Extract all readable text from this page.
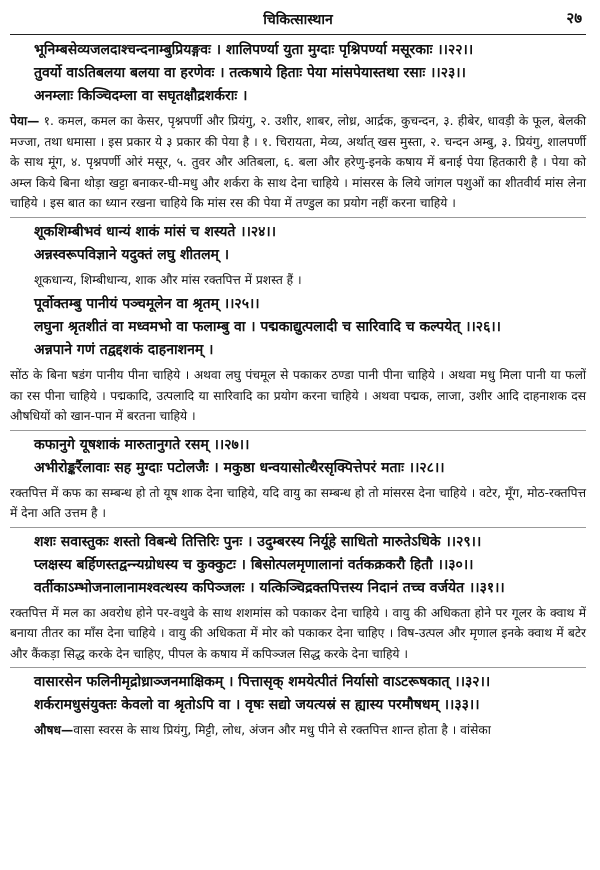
चिकित्सास्थान	२७
भूनिम्बसेव्यजलदाश्चन्दनाम्बुप्रियङ्गवः । शालिपर्ण्या युता मुग्दाः पृश्निपर्ण्या मसूरकाः ।।२२।।
तुवर्यो वाऽतिबलया बलया वा हरणेवः । तत्कषाये हिताः पेया मांसपेयास्तथा रसाः ।।२३।।
अनम्लाः किञ्चिदम्ला वा सघृतक्षौद्रशर्कराः ।
पेया— १. कमल, कमल का केसर, पृश्नपर्णी और प्रियंगु, २. उशीर, शाबर, लोध्र, आर्द्रक, कुचन्दन, ३. हीबेर, धावड़ी के फूल, बेलकी मज्जा, तथा धमासा । इस प्रकार ये ३ प्रकार की पेया है । १. चिरायता, मेव्य, अर्थात् खस मुस्ता, २. चन्दन अम्बु, ३. प्रियंगु, शालपर्णी के साथ मूंग, ४. पृश्नपर्णी ओरं मसूर, ५. तुवर और अतिबला, ६. बला और हरेणु-इनके कषाय में बनाई पेया हितकारी है । पेया को अम्ल किये बिना थोड़ा खट्टा बनाकर-घी-मधु और शर्करा के साथ देना चाहिये । मांसरस के लिये जांगल पशुओं का शीतवीर्य मांस लेना चाहिये । इस बात का ध्यान रखना चाहिये कि मांस रस की पेया में तण्डुल का प्रयोग नहीं करना चाहिये ।
शूकशिम्बीभवं धान्यं शाकं मांसं च शस्यते ।।२४।।
अन्नस्वरूपविज्ञाने यदुक्तं लघु शीतलम् ।
शूकधान्य, शिम्बीधान्य, शाक और मांस रक्तपित्त में प्रशस्त हैं ।
पूर्वोक्तम्बु पानीयं पञ्चमूलेन वा श्रृतम् ।।२५।।
लघुना श्रृतशीतं वा मध्वमभो वा फलाम्बु वा । पद्मकाद्युत्पलादी च सारिवादि च कल्पयेत् ।।२६।।
अन्नपाने गणं तद्वद्दशकं दाहनाशनम् ।
सोंठ के बिना षडंग पानीय पीना चाहिये । अथवा लघु पंचमूल से पकाकर ठण्डा पानी पीना चाहिये । अथवा मधु मिला पानी या फलों का रस पीना चाहिये । पद्मकादि, उत्पलादि या सारिवादि का प्रयोग करना चाहिये । अथवा पद्मक, लाजा, उशीर आदि दाहनाशक दस औषधियों को खान-पान में बरतना चाहिये ।
कफानुगे यूषशाकं मारुतानुगते रसम् ।।२७।।
अभीरोङ्कर्रैलावाः सह मुग्दाः पटोलजैः । मकुष्ठा धन्वयासोत्थैरसृक्पित्तेपरं मताः ।।२८।।
रक्तपित्त में कफ का सम्बन्ध हो तो यूष शाक देना चाहिये, यदि वायु का सम्बन्ध हो तो मांसरस देना चाहिये । वटेर, मूँग, मोठ-रक्तपित्त में देना अति उत्तम है ।
शशः सवास्तुकः शस्तो विबन्धे तित्तिरिः पुनः । उदुम्बरस्य निर्यूहे साधितो मारुतेऽधिके ।।२९।।
प्लक्षस्य बर्हिणस्तद्वन्न्यग्रोधस्य च कुक्कुटः । बिसोत्पलमृणालानां वर्तकक्रकरौ हितौ ।।३०।।
वर्तीकाऽम्भोजनालानामश्वत्थस्य कपिञ्जलः । यत्किञ्चिद्रक्तपित्तस्य निदानं तच्च वर्जयेत ।।३१।।
रक्तपित्त में मल का अवरोध होने पर-वथुवे के साथ शशमांस को पकाकर देना चाहिये । वायु की अधिकता होने पर गूलर के क्वाथ में बनाया तीतर का माँस देना चाहिये । वायु की अधिकता में मोर को पकाकर देना चाहिए । विष-उत्पल और मृणाल इनके क्वाथ में बटेर और कैंकड़ा सिद्ध करके देन चाहिए, पीपल के कषाय में कपिञ्जल सिद्ध करके देना चाहिये ।
वासारसेन फलिनीमृद्रोध्राञ्जनमाक्षिकम् । पित्तासृक् शमयेत्पीतं निर्यासो वाऽटरूषकात् ।।३२।।
शर्करामधुसंयुक्तः केवलो वा श्रृतोऽपि वा । वृषः सद्यो जयत्यस्रं स ह्यास्य परमौषधम् ।।३३।।
औषध—वासा स्वरस के साथ प्रियंगु, मिट्टी, लोध, अंजन और मधु पीने से रक्तपित्त शान्त होता है । वांसेका
